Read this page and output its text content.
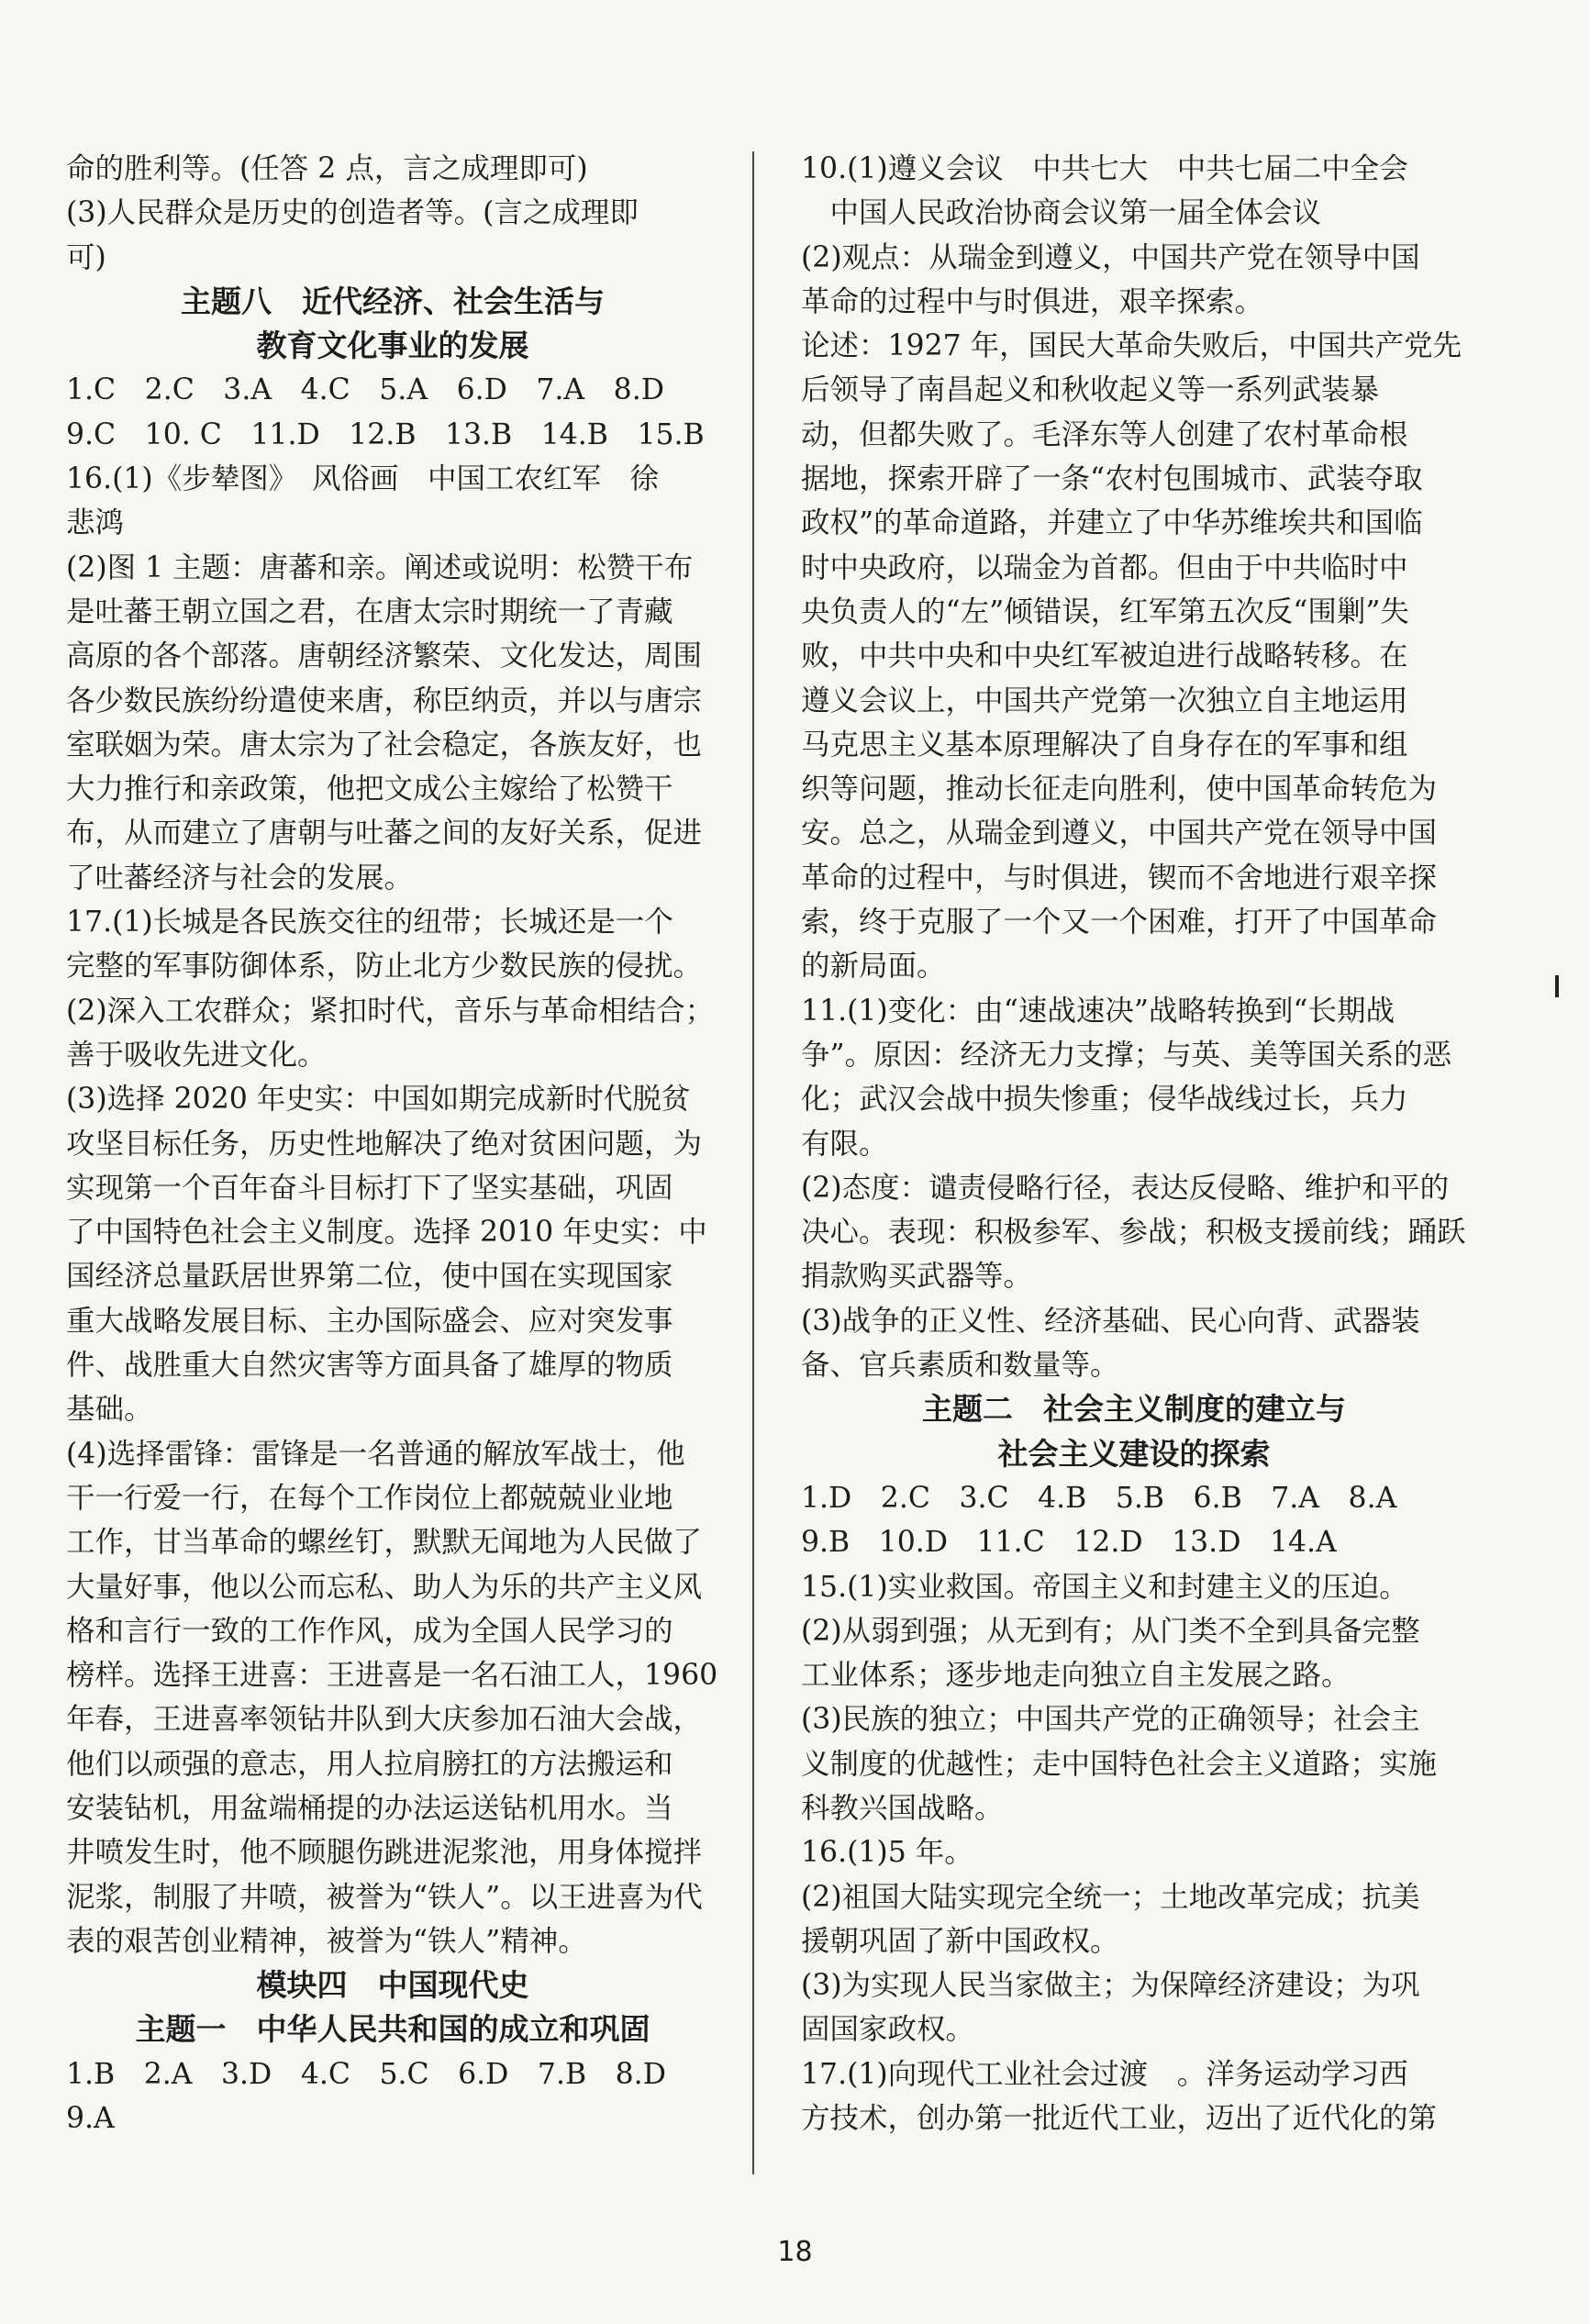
命的胜利等。(任答 2 点，言之成理即可)
(3)人民群众是历史的创造者等。(言之成理即
可)
主题八　近代经济、社会生活与
教育文化事业的发展
1.C　2.C　3.A　4.C　5.A　6.D　7.A　8.D
9.C　10. C　11.D　12.B　13.B　14.B　15.B
16.(1)《步辇图》　风俗画　中国工农红军　徐
悲鸿
(2)图 1 主题：唐蕃和亲。阐述或说明：松赞干布
是吐蕃王朝立国之君，在唐太宗时期统一了青藏
高原的各个部落。唐朝经济繁荣、文化发达，周围
各少数民族纷纷遣使来唐，称臣纳贡，并以与唐宗
室联姻为荣。唐太宗为了社会稳定，各族友好，也
大力推行和亲政策，他把文成公主嫁给了松赞干
布，从而建立了唐朝与吐蕃之间的友好关系，促进
了吐蕃经济与社会的发展。
17.(1)长城是各民族交往的纽带；长城还是一个
完整的军事防御体系，防止北方少数民族的侵扰。
(2)深入工农群众；紧扣时代，音乐与革命相结合；
善于吸收先进文化。
(3)选择 2020 年史实：中国如期完成新时代脱贫
攻坚目标任务，历史性地解决了绝对贫困问题，为
实现第一个百年奋斗目标打下了坚实基础，巩固
了中国特色社会主义制度。选择 2010 年史实：中
国经济总量跃居世界第二位，使中国在实现国家
重大战略发展目标、主办国际盛会、应对突发事
件、战胜重大自然灾害等方面具备了雄厚的物质
基础。
(4)选择雷锋：雷锋是一名普通的解放军战士，他
干一行爱一行，在每个工作岗位上都兢兢业业地
工作，甘当革命的螺丝钉，默默无闻地为人民做了
大量好事，他以公而忘私、助人为乐的共产主义风
格和言行一致的工作作风，成为全国人民学习的
榜样。选择王进喜：王进喜是一名石油工人，1960
年春，王进喜率领钻井队到大庆参加石油大会战，
他们以顽强的意志，用人拉肩膀扛的方法搬运和
安装钻机，用盆端桶提的办法运送钻机用水。当
井喷发生时，他不顾腿伤跳进泥浆池，用身体搅拌
泥浆，制服了井喷，被誉为“铁人”。以王进喜为代
表的艰苦创业精神，被誉为“铁人”精神。
模块四　中国现代史
主题一　中华人民共和国的成立和巩固
1.B　2.A　3.D　4.C　5.C　6.D　7.B　8.D
9.A
10.(1)遵义会议　中共七大　中共七届二中全会
　中国人民政治协商会议第一届全体会议
(2)观点：从瑞金到遵义，中国共产党在领导中国
革命的过程中与时俱进，艰辛探索。
论述：1927 年，国民大革命失败后，中国共产党先
后领导了南昌起义和秋收起义等一系列武装暴
动，但都失败了。毛泽东等人创建了农村革命根
据地，探索开辟了一条“农村包围城市、武装夺取
政权”的革命道路，并建立了中华苏维埃共和国临
时中央政府，以瑞金为首都。但由于中共临时中
央负责人的“左”倾错误，红军第五次反“围剿”失
败，中共中央和中央红军被迫进行战略转移。在
遵义会议上，中国共产党第一次独立自主地运用
马克思主义基本原理解决了自身存在的军事和组
织等问题，推动长征走向胜利，使中国革命转危为
安。总之，从瑞金到遵义，中国共产党在领导中国
革命的过程中，与时俱进，锲而不舍地进行艰辛探
索，终于克服了一个又一个困难，打开了中国革命
的新局面。
11.(1)变化：由“速战速决”战略转换到“长期战
争”。原因：经济无力支撑；与英、美等国关系的恶
化；武汉会战中损失惨重；侵华战线过长，兵力
有限。
(2)态度：谴责侵略行径，表达反侵略、维护和平的
决心。表现：积极参军、参战；积极支援前线；踊跃
捐款购买武器等。
(3)战争的正义性、经济基础、民心向背、武器装
备、官兵素质和数量等。
主题二　社会主义制度的建立与
社会主义建设的探索
1.D　2.C　3.C　4.B　5.B　6.B　7.A　8.A
9.B　10.D　11.C　12.D　13.D　14.A
15.(1)实业救国。帝国主义和封建主义的压迫。
(2)从弱到强；从无到有；从门类不全到具备完整
工业体系；逐步地走向独立自主发展之路。
(3)民族的独立；中国共产党的正确领导；社会主
义制度的优越性；走中国特色社会主义道路；实施
科教兴国战略。
16.(1)5 年。
(2)祖国大陆实现完全统一；土地改革完成；抗美
援朝巩固了新中国政权。
(3)为实现人民当家做主；为保障经济建设；为巩
固国家政权。
17.(1)向现代工业社会过渡　。洋务运动学习西
方技术，创办第一批近代工业，迈出了近代化的第
18
